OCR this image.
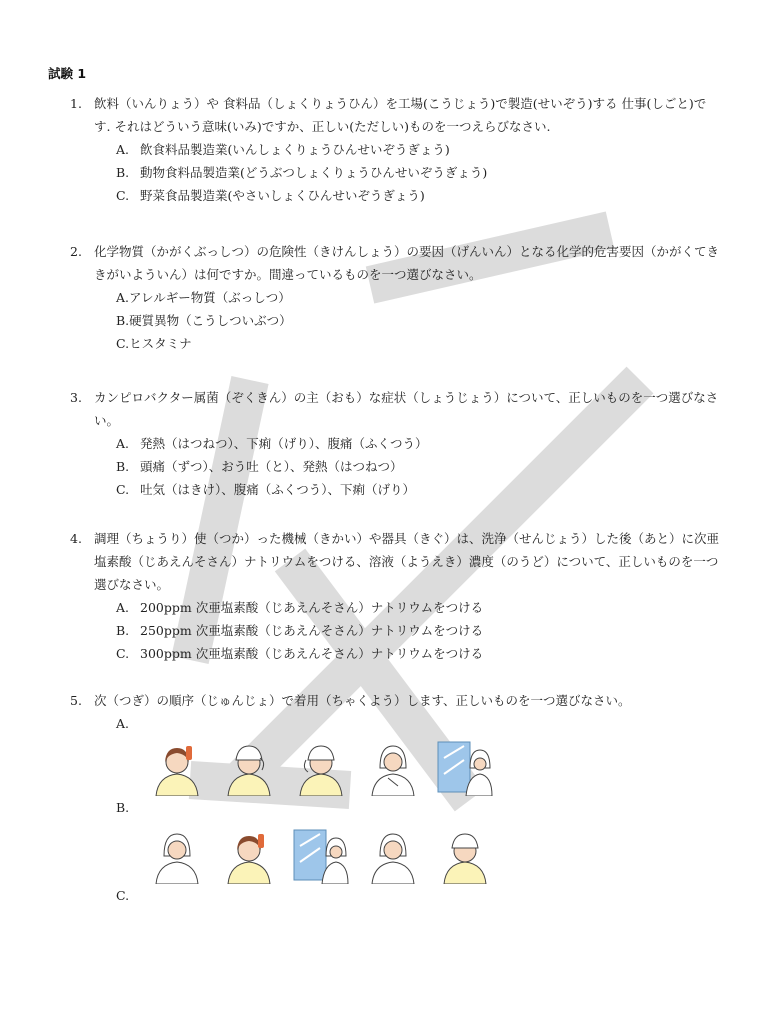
試験 1
1. 飲料（いんりょう）や 食料品（しょくりょうひん）を工場(こうじょう)で製造(せいぞう)する 仕事(しごと)です. それはどういう意味(いみ)ですか、正しい(ただしい)ものを一つえらびなさい.
A. 飲食料品製造業(いんしょくりょうひんせいぞうぎょう)
B. 動物食料品製造業(どうぶつしょくりょうひんせいぞうぎょう)
C. 野菜食品製造業(やさいしょくひんせいぞうぎょう)
2. 化学物質（かがくぶっしつ）の危険性（きけんしょう）の要因（げんいん）となる化学的危害要因（かがくてききがいよういん）は何ですか。間違っているものを一つ選びなさい。
A.アレルギー物質（ぶっしつ）
B.硬質異物（こうしついぶつ）
C.ヒスタミナ
3. カンピロバクター属菌（ぞくきん）の主（おも）な症状（しょうじょう）について、正しいものを一つ選びなさい。
A. 発熱（はつねつ）、下痢（げり）、腹痛（ふくつう）
B. 頭痛（ずつ）、おう吐（と）、発熱（はつねつ）
C. 吐気（はきけ）、腹痛（ふくつう）、下痢（げり）
4. 調理（ちょうり）使（つか）った機械（きかい）や器具（きぐ）は、洗浄（せんじょう）した後（あと）に次亜塩素酸（じあえんそさん）ナトリウムをつける、溶液（ようえき）濃度（のうど）について、正しいものを一つ選びなさい。
A. 200ppm 次亜塩素酸（じあえんそさん）ナトリウムをつける
B. 250ppm 次亜塩素酸（じあえんそさん）ナトリウムをつける
C. 300ppm 次亜塩素酸（じあえんそさん）ナトリウムをつける
5. 次（つぎ）の順序（じゅんじょ）で着用（ちゃくよう）します、正しいものを一つ選びなさい。
A.
B.
C.
